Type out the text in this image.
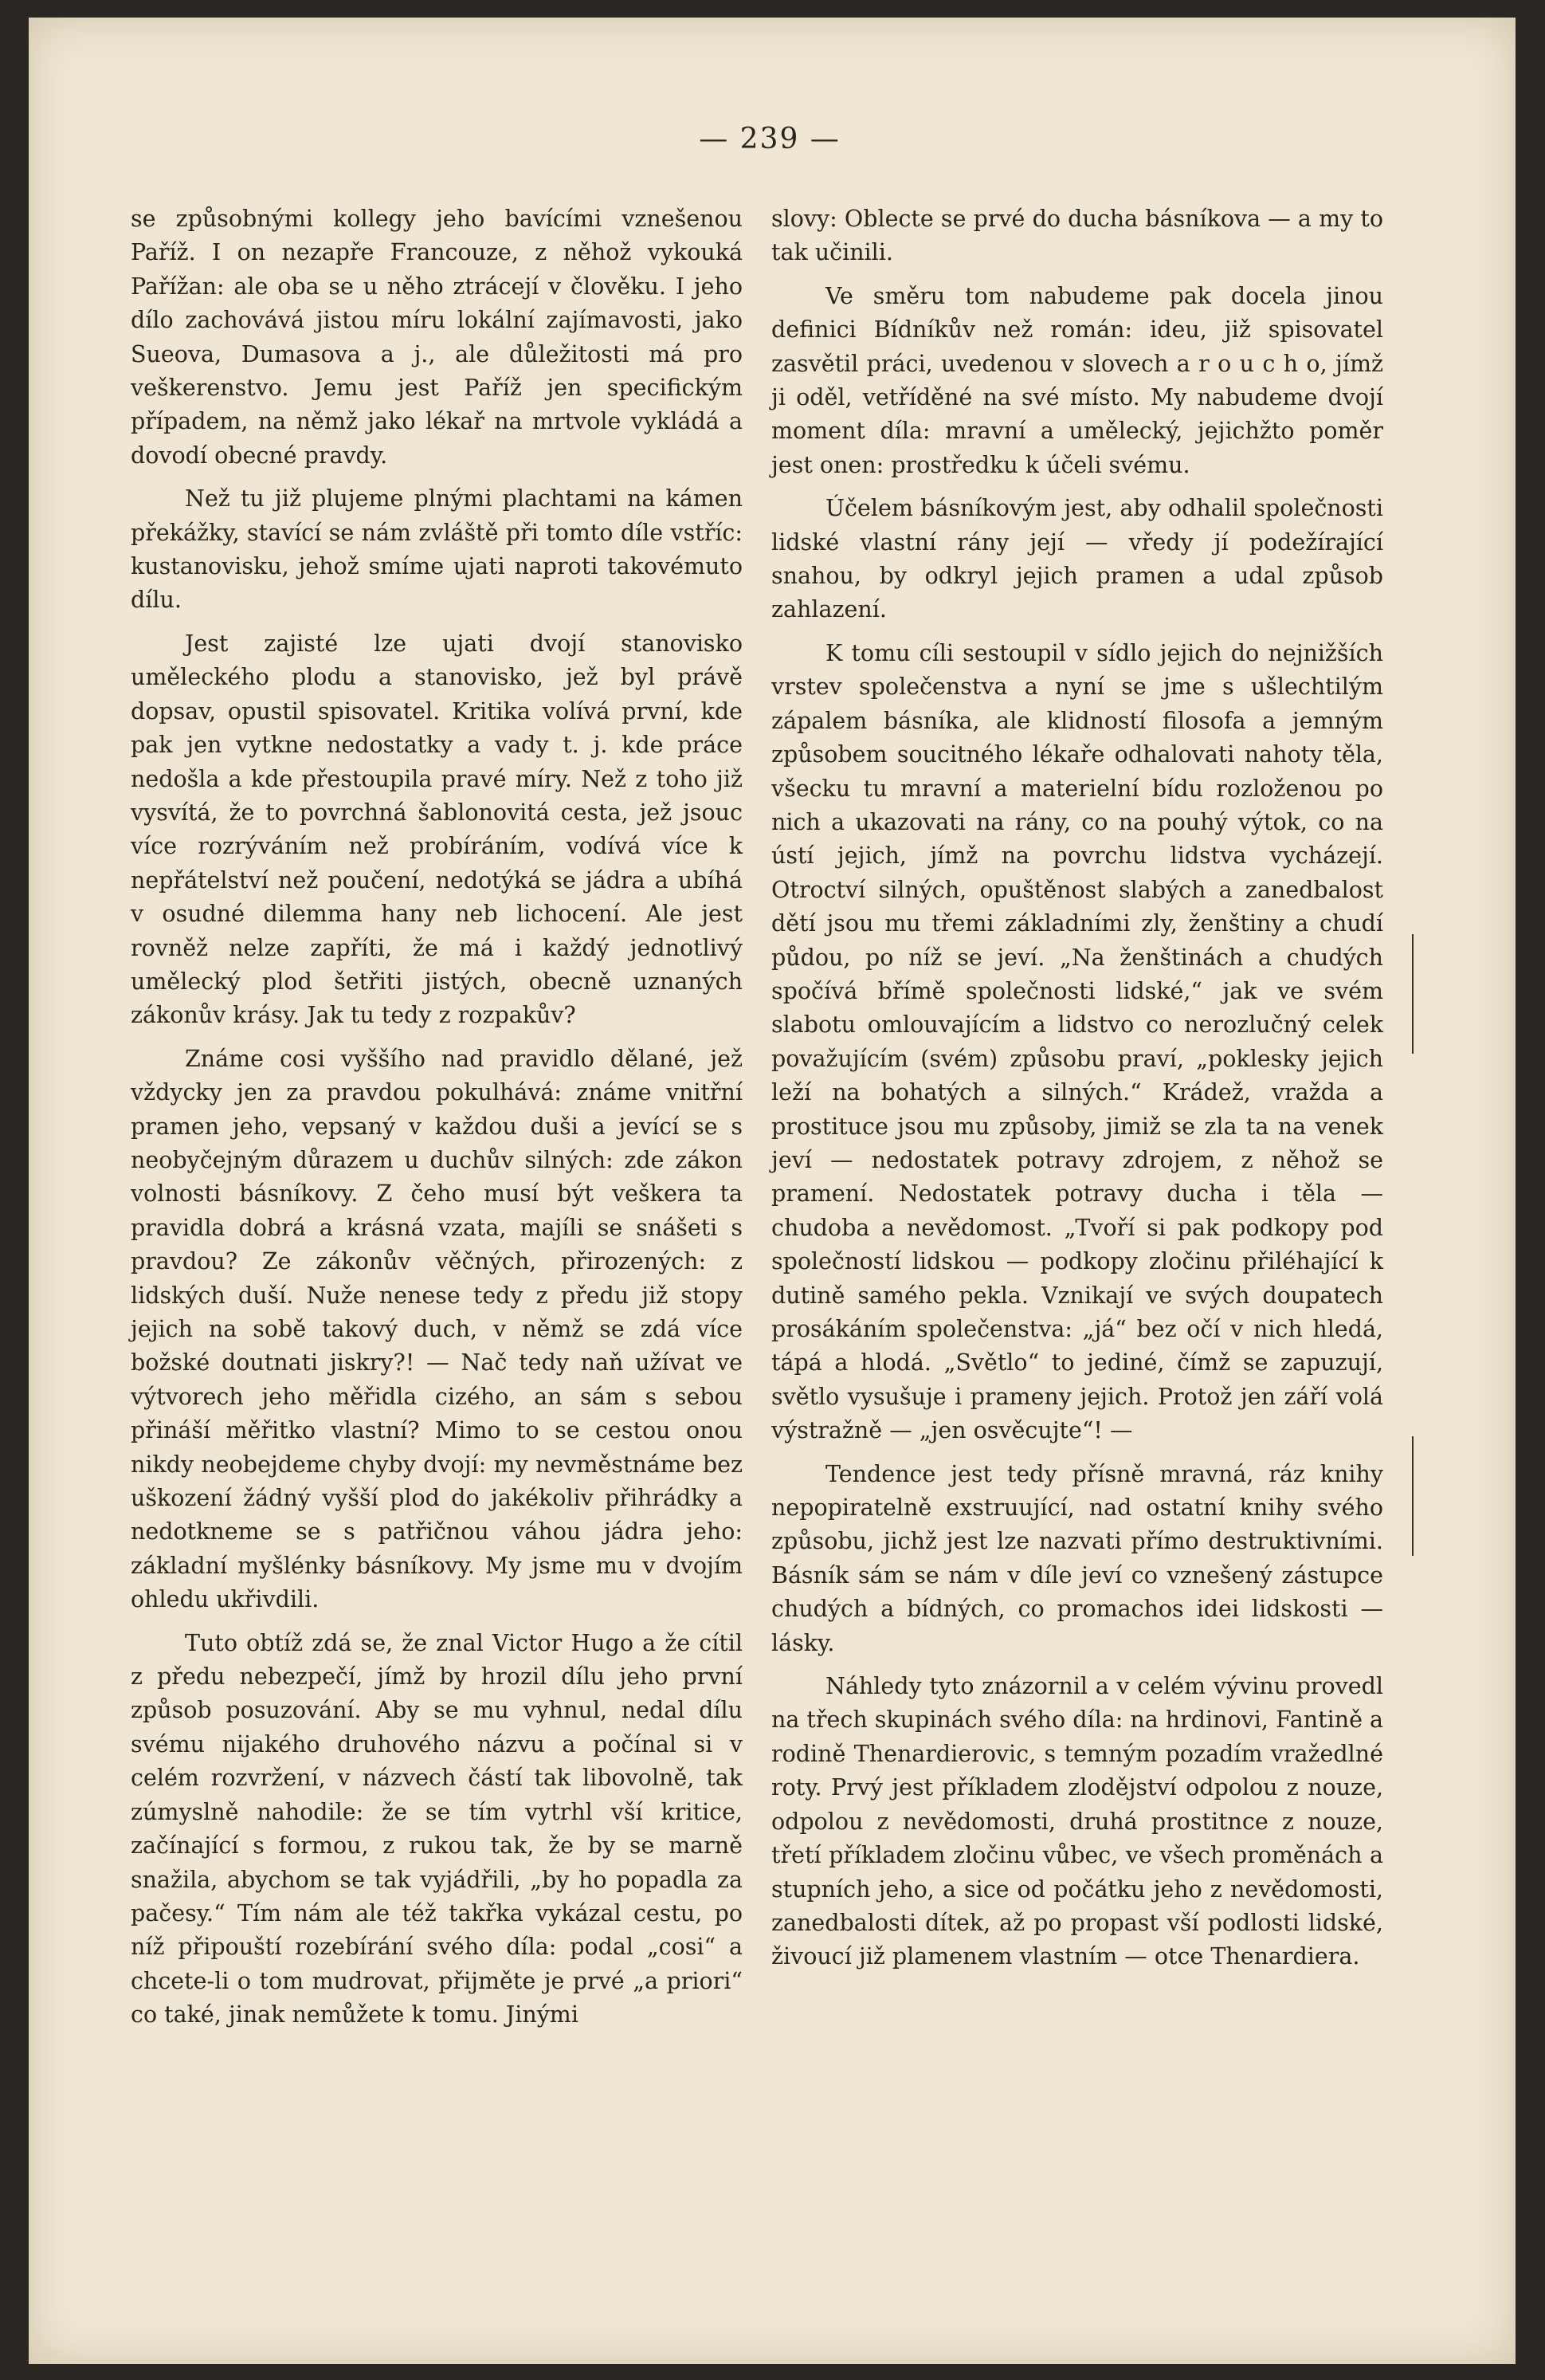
— 239 —

se způsobnými kollegy jeho bavícími vznešenou Paříž. I on nezapře Francouze, z něhož vykouká Pařížan: ale oba se u něho ztrácejí v člověku. I jeho dílo zachovává jistou míru lokální zajímavosti, jako Sueova, Dumasova a j., ale důležitosti má pro veškerenstvo. Jemu jest Paříž jen specifickým případem, na němž jako lékař na mrtvole vykládá a dovodí obecné pravdy.

Než tu již plujeme plnými plachtami na kámen překážky, stavící se nám zvláště při tomto díle vstříc: kustanovisku, jehož smíme ujati naproti takovémuto dílu.

Jest zajisté lze ujati dvojí stanovisko uměleckého plodu a stanovisko, jež byl právě dopsav, opustil spisovatel. Kritika volívá první, kde pak jen vytkne nedostatky a vady t. j. kde práce nedošla a kde přestoupila pravé míry. Než z toho již vysvítá, že to povrchná šablonovitá cesta, jež jsouc více rozrýváním než probíráním, vodívá více k nepřátelství než poučení, nedotýká se jádra a ubíhá v osudné dilemma hany neb lichocení. Ale jest rovněž nelze zapříti, že má i každý jednotlivý umělecký plod šetřiti jistých, obecně uznaných zákonův krásy. Jak tu tedy z rozpakův?

Známe cosi vyššího nad pravidlo dělané, jež vždycky jen za pravdou pokulhává: známe vnitřní pramen jeho, vepsaný v každou duši a jevící se s neobyčejným důrazem u duchův silných: zde zákon volnosti básníkovy. Z čeho musí být veškera ta pravidla dobrá a krásná vzata, majíli se snášeti s pravdou? Ze zákonův věčných, přirozených: z lidských duší. Nuže nenese tedy z předu již stopy jejich na sobě takový duch, v němž se zdá více božské doutnati jiskry?! — Nač tedy naň užívat ve výtvorech jeho měřidla cizého, an sám s sebou přináší měřitko vlastní? Mimo to se cestou onou nikdy neobejdeme chyby dvojí: my nevměstnáme bez uškození žádný vyšší plod do jakékoliv přihrádky a nedotkneme se s patřičnou váhou jádra jeho: základní myšlénky básníkovy. My jsme mu v dvojím ohledu ukřivdili.

Tuto obtíž zdá se, že znal Victor Hugo a že cítil z předu nebezpečí, jímž by hrozil dílu jeho první způsob posuzování. Aby se mu vyhnul, nedal dílu svému nijakého druhového názvu a počínal si v celém rozvržení, v názvech částí tak libovolně, tak zúmyslně nahodile: že se tím vytrhl vší kritice, začínající s formou, z rukou tak, že by se marně snažila, abychom se tak vyjádřili, „by ho popadla za pačesy.“ Tím nám ale též takřka vykázal cestu, po níž připouští rozebírání svého díla: podal „cosi“ a chcete-li o tom mudrovat, přijměte je prvé „a priori“ co také, jinak nemůžete k tomu. Jinými

slovy: Oblecte se prvé do ducha básníkova — a my to tak učinili.

Ve směru tom nabudeme pak docela jinou definici Bídníkův než román: ideu, již spisovatel zasvětil práci, uvedenou v slovech a r o u c h o, jímž ji oděl, vetříděné na své místo. My nabudeme dvojí moment díla: mravní a umělecký, jejichžto poměr jest onen: prostředku k účeli svému.

Účelem básníkovým jest, aby odhalil společnosti lidské vlastní rány její — vředy jí podežírající snahou, by odkryl jejich pramen a udal způsob zahlazení.

K tomu cíli sestoupil v sídlo jejich do nejnižších vrstev společenstva a nyní se jme s ušlechtilým zápalem básníka, ale klidností filosofa a jemným způsobem soucitného lékaře odhalovati nahoty těla, všecku tu mravní a materielní bídu rozloženou po nich a ukazovati na rány, co na pouhý výtok, co na ústí jejich, jímž na povrchu lidstva vycházejí. Otroctví silných, opuštěnost slabých a zanedbalost dětí jsou mu třemi základními zly, ženštiny a chudí půdou, po níž se jeví. „Na ženštinách a chudých spočívá břímě společnosti lidské,“ jak ve svém slabotu omlouvajícím a lidstvo co nerozlučný celek považujícím (svém) způsobu praví, „poklesky jejich leží na bohatých a silných.“ Krádež, vražda a prostituce jsou mu způsoby, jimiž se zla ta na venek jeví — nedostatek potravy zdrojem, z něhož se pramení. Nedostatek potravy ducha i těla — chudoba a nevědomost. „Tvoří si pak podkopy pod společností lidskou — podkopy zločinu přiléhající k dutině samého pekla. Vznikají ve svých doupatech prosákáním společenstva: „já“ bez očí v nich hledá, tápá a hlodá. „Světlo“ to jediné, čímž se zapuzují, světlo vysušuje i prameny jejich. Protož jen září volá výstražně — „jen osvěcujte“! —

Tendence jest tedy přísně mravná, ráz knihy nepopiratelně exstruující, nad ostatní knihy svého způsobu, jichž jest lze nazvati přímo destruktivními. Básník sám se nám v díle jeví co vznešený zástupce chudých a bídných, co promachos idei lidskosti — lásky.

Náhledy tyto znázornil a v celém vývinu provedl na třech skupinách svého díla: na hrdinovi, Fantině a rodině Thenardierovic, s temným pozadím vražedlné roty. Prvý jest příkladem zlodějství odpolou z nouze, odpolou z nevědomosti, druhá prostitnce z nouze, třetí příkladem zločinu vůbec, ve všech proměnách a stupních jeho, a sice od počátku jeho z nevědomosti, zanedbalosti dítek, až po propast vší podlosti lidské, živoucí již plamenem vlastním — otce Thenardiera.
